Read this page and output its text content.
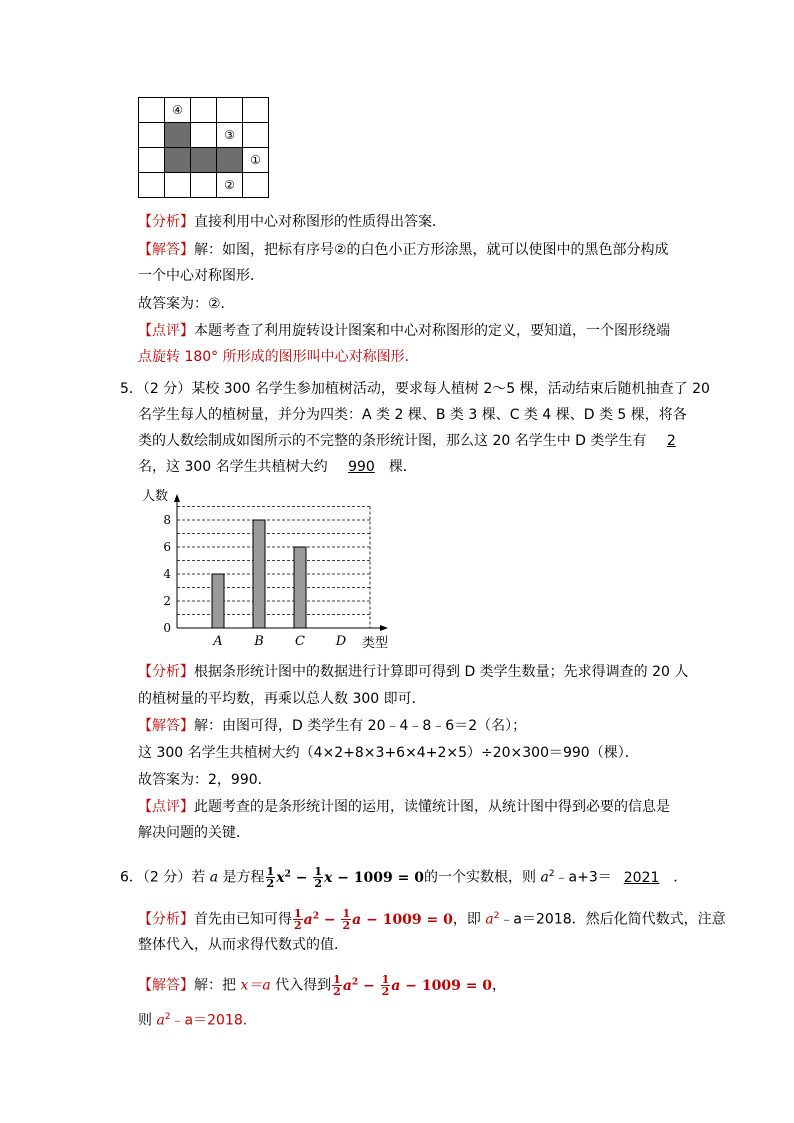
	④			
			③	
				①
			②	
【分析】直接利用中心对称图形的性质得出答案．
【解答】解：如图，把标有序号②的白色小正方形涂黑，就可以使图中的黑色部分构成
一个中心对称图形．
故答案为：②．
【点评】本题考查了利用旋转设计图案和中心对称图形的定义，要知道，一个图形绕端
点旋转 180° 所形成的图形叫中心对称图形．
5．（2 分）某校 300 名学生参加植树活动，要求每人植树 2～5 棵，活动结束后随机抽查了 20
名学生每人的植树量，并分为四类：A 类 2 棵、B 类 3 棵、C 类 4 棵、D 类 5 棵，将各
类的人数绘制成如图所示的不完整的条形统计图，那么这 20 名学生中 D 类学生有 2
名，这 300 名学生共植树大约 990 棵．
0
2
4
6
8
A B C D
人数
类型
【分析】根据条形统计图中的数据进行计算即可得到 D 类学生数量；先求得调查的 20 人
的植树量的平均数，再乘以总人数 300 即可．
【解答】解：由图可得，D 类学生有 20﹣4﹣8﹣6＝2（名）；
这 300 名学生共植树大约（4×2+8×3+6×4+2×5）÷20×300＝990（棵）．
故答案为：2，990．
【点评】此题考查的是条形统计图的运用，读懂统计图，从统计图中得到必要的信息是
解决问题的关键．
6．（2 分）若 a 是方程 $\frac{1}{2} x^2 - \frac{1}{2}$ x − 1009 = 0的一个实数根，则 $a^2﹣a+3= 2021$ ．
【分析】首先由已知可得 $\frac{1}{2} a^2 - \frac{1}{2}$ a − 1009 = 0，即 $a^2﹣a=2018$．然后化简代数式，注意
整体代入，从而求得代数式的值．
【解答】解：把 x＝a 代入得到 $\frac{1}{2} a^2 - \frac{1}{2}$ a − 1009 = 0，
则 $a^2﹣a=2018$．
